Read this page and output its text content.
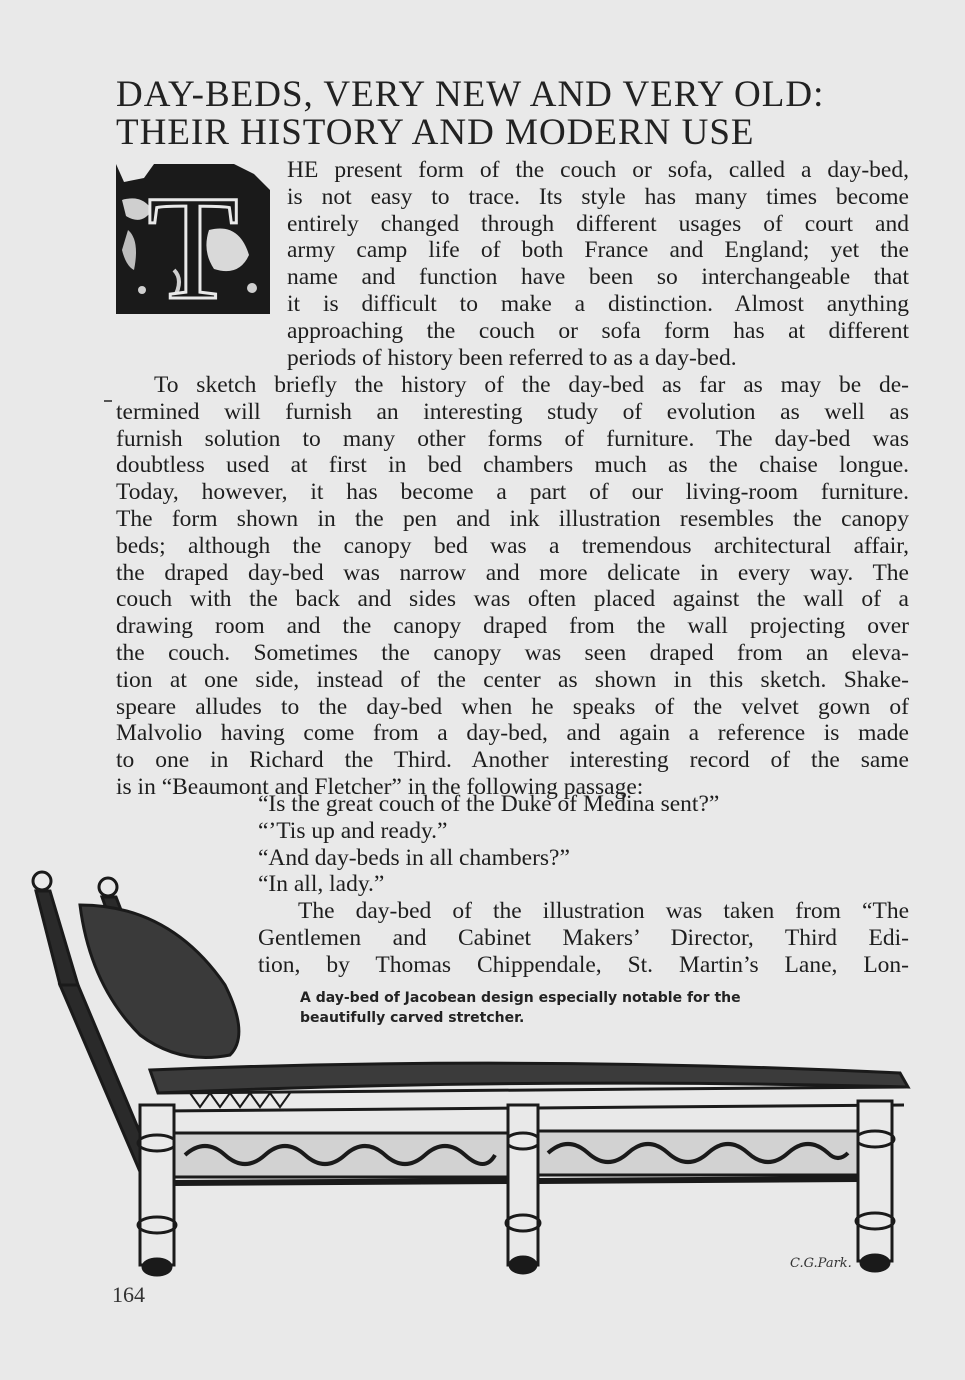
DAY-BEDS, VERY NEW AND VERY OLD:
THEIR HISTORY AND MODERN USE
T HE present form of the couch or sofa, called a day-bed,
is not easy to trace. Its style has many times become
entirely changed through different usages of court and
army camp life of both France and England; yet the
name and function have been so interchangeable that
it is difficult to make a distinction. Almost anything
approaching the couch or sofa form has at different
periods of history been referred to as a day-bed.
To sketch briefly the history of the day-bed as far as may be de-
termined will furnish an interesting study of evolution as well as
furnish solution to many other forms of furniture. The day-bed was
doubtless used at first in bed chambers much as the chaise longue.
Today, however, it has become a part of our living-room furniture.
The form shown in the pen and ink illustration resembles the canopy
beds; although the canopy bed was a tremendous architectural affair,
the draped day-bed was narrow and more delicate in every way. The
couch with the back and sides was often placed against the wall of a
drawing room and the canopy draped from the wall projecting over
the couch. Sometimes the canopy was seen draped from an eleva-
tion at one side, instead of the center as shown in this sketch. Shake-
speare alludes to the day-bed when he speaks of the velvet gown of
Malvolio having come from a day-bed, and again a reference is made
to one in Richard the Third. Another interesting record of the same
is in “Beaumont and Fletcher” in the following passage:
“Is the great couch of the Duke of Medina sent?”
“’Tis up and ready.”
“And day-beds in all chambers?”
“In all, lady.”
The day-bed of the illustration was taken from “The
Gentlemen and Cabinet Makers’ Director, Third Edi-
tion, by Thomas Chippendale, St. Martin’s Lane, Lon-
A day-bed of Jacobean design especially notable for the
beautifully carved stretcher.
C.G.Park.
164
